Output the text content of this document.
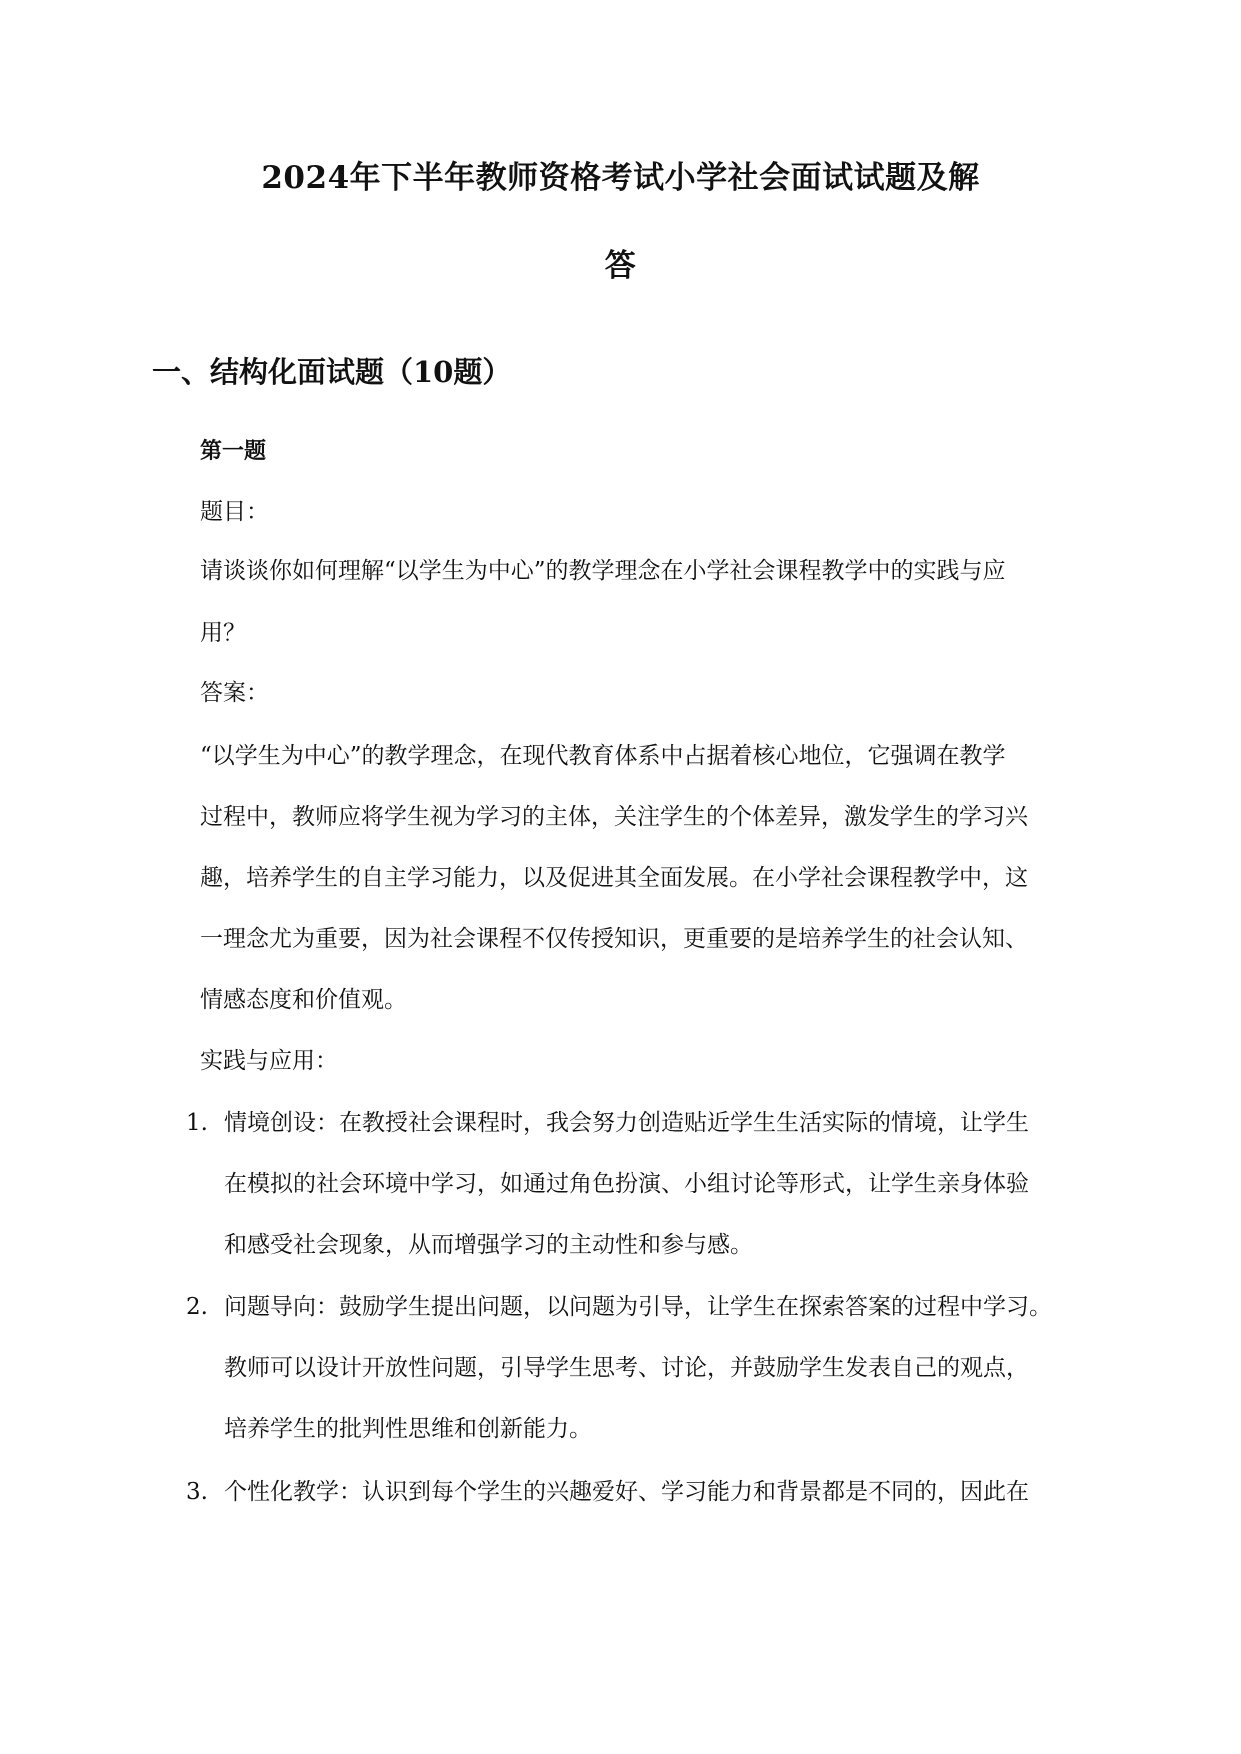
2024年下半年教师资格考试小学社会面试试题及解
答
一、结构化面试题（10题）
第一题
题目：
请谈谈你如何理解“以学生为中心”的教学理念在小学社会课程教学中的实践与应
用？
答案：
“以学生为中心”的教学理念，在现代教育体系中占据着核心地位，它强调在教学
过程中，教师应将学生视为学习的主体，关注学生的个体差异，激发学生的学习兴
趣，培养学生的自主学习能力，以及促进其全面发展。在小学社会课程教学中，这
一理念尤为重要，因为社会课程不仅传授知识，更重要的是培养学生的社会认知、
情感态度和价值观。
实践与应用：
1. 情境创设：在教授社会课程时，我会努力创造贴近学生生活实际的情境，让学生
在模拟的社会环境中学习，如通过角色扮演、小组讨论等形式，让学生亲身体验
和感受社会现象，从而增强学习的主动性和参与感。
2. 问题导向：鼓励学生提出问题，以问题为引导，让学生在探索答案的过程中学习。
教师可以设计开放性问题，引导学生思考、讨论，并鼓励学生发表自己的观点，
培养学生的批判性思维和创新能力。
3. 个性化教学：认识到每个学生的兴趣爱好、学习能力和背景都是不同的，因此在
